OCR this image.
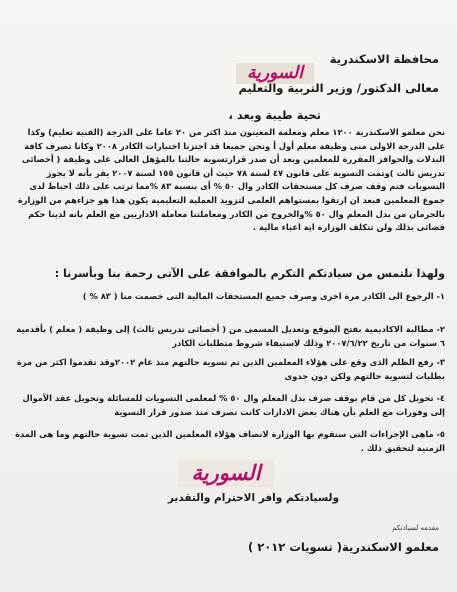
السورية
محافظة الاسكندرية
معالى الدكتور/ وزير التربية والتعليم
تحية طيبة وبعد ،
نحن معلمو الاسكندرية ١٢٠٠ معلم ومعلمة المعينون منذ اكثر من ٢٠ عاما على الدرجة (الفنية تعليم) وكذا على الدرجة الاولى منى وظيفة معلم أول أ ونحن جميعا قد اجتزنا اختبارات الكادر ٢٠٠٨ وكانا تصرف كافة البدلات والحوافز المقررة للمعلمين وبعد أن صدر قرارتسوية حالتنا بالمؤهل العالى على وظيفة ( أخصائى تدريس ثالث )وتمت التسوية على قانون ٤٧ لسنة ٧٨ حيث أن قانون ١٥٥ لسنة ٢٠٠٧ يقر بأنه لا يجوز التسويات فتم وقف صرف كل مستحقات الكادر وال ٥٠ % أى بنسبة ٨٣ %مما ترتب على ذلك احباط لدى جموع المعلمين فبعد ان ارتقوا بمستواهم العلمى لتزويد العملية التعليمية يكون هذا هو جزاءهم من الوزارة بالحرمان من بدل المعلم وال ٥٠ %والخروج من الكادر ومعاملتنا معاملة الاداريين مع العلم بانه لدينا حكم قضائى بذلك ولن تتكلف الوزارة اية اعباء مالية .
ولهذا نلتمس من سيادتكم التكرم بالموافقة على الآتى رحمة بنا وبأسرنا :
١- الرجوع الى الكادر مرة اخرى وصرف جميع المستحقات المالية التى خصمت منا ( ٨٣ % )
٢- مطالبة الاكاديمية بفتح الموقع وتعديل المسمى من ( أخصائى تدريس ثالث) إلى وظيفة ( معلم ) بأقدمية ٦ سنوات من تاريخ ٢٠٠٧/٦/٢٢ وذلك لاستيفاء شروط متطلبات الكادر
٣- رفع الظلم الذى وقع على هؤلاء المعلمين الذين تم تسوية حالتهم منذ عام ٢٠٠٢وقد تقدموا اكثر من مرة بطلبات لتسوية حالتهم ولكن دون جدوى
٤- تحويل كل من قام بوقف صرف بدل المعلم وال ٥٠ % لمعلمى التسويات للمسائلة وتحويل عقد الأموال إلى وفورات مع العلم بأن هناك بعض الادارات كانت تصرف منذ صدور قرار التسوية
٥- ماهى الإجراءات التى ستقوم بها الوزارة لانصاف هؤلاء المعلمين الذين تمت تسوية حالتهم وما هى المدة الزمنية لتحقيق ذلك .
السورية
ولسيادتكم وافر الاحترام والتقدير
مقدمه لسيادتكم
معلمو الاسكندرية( تسويات ٢٠١٢ )
